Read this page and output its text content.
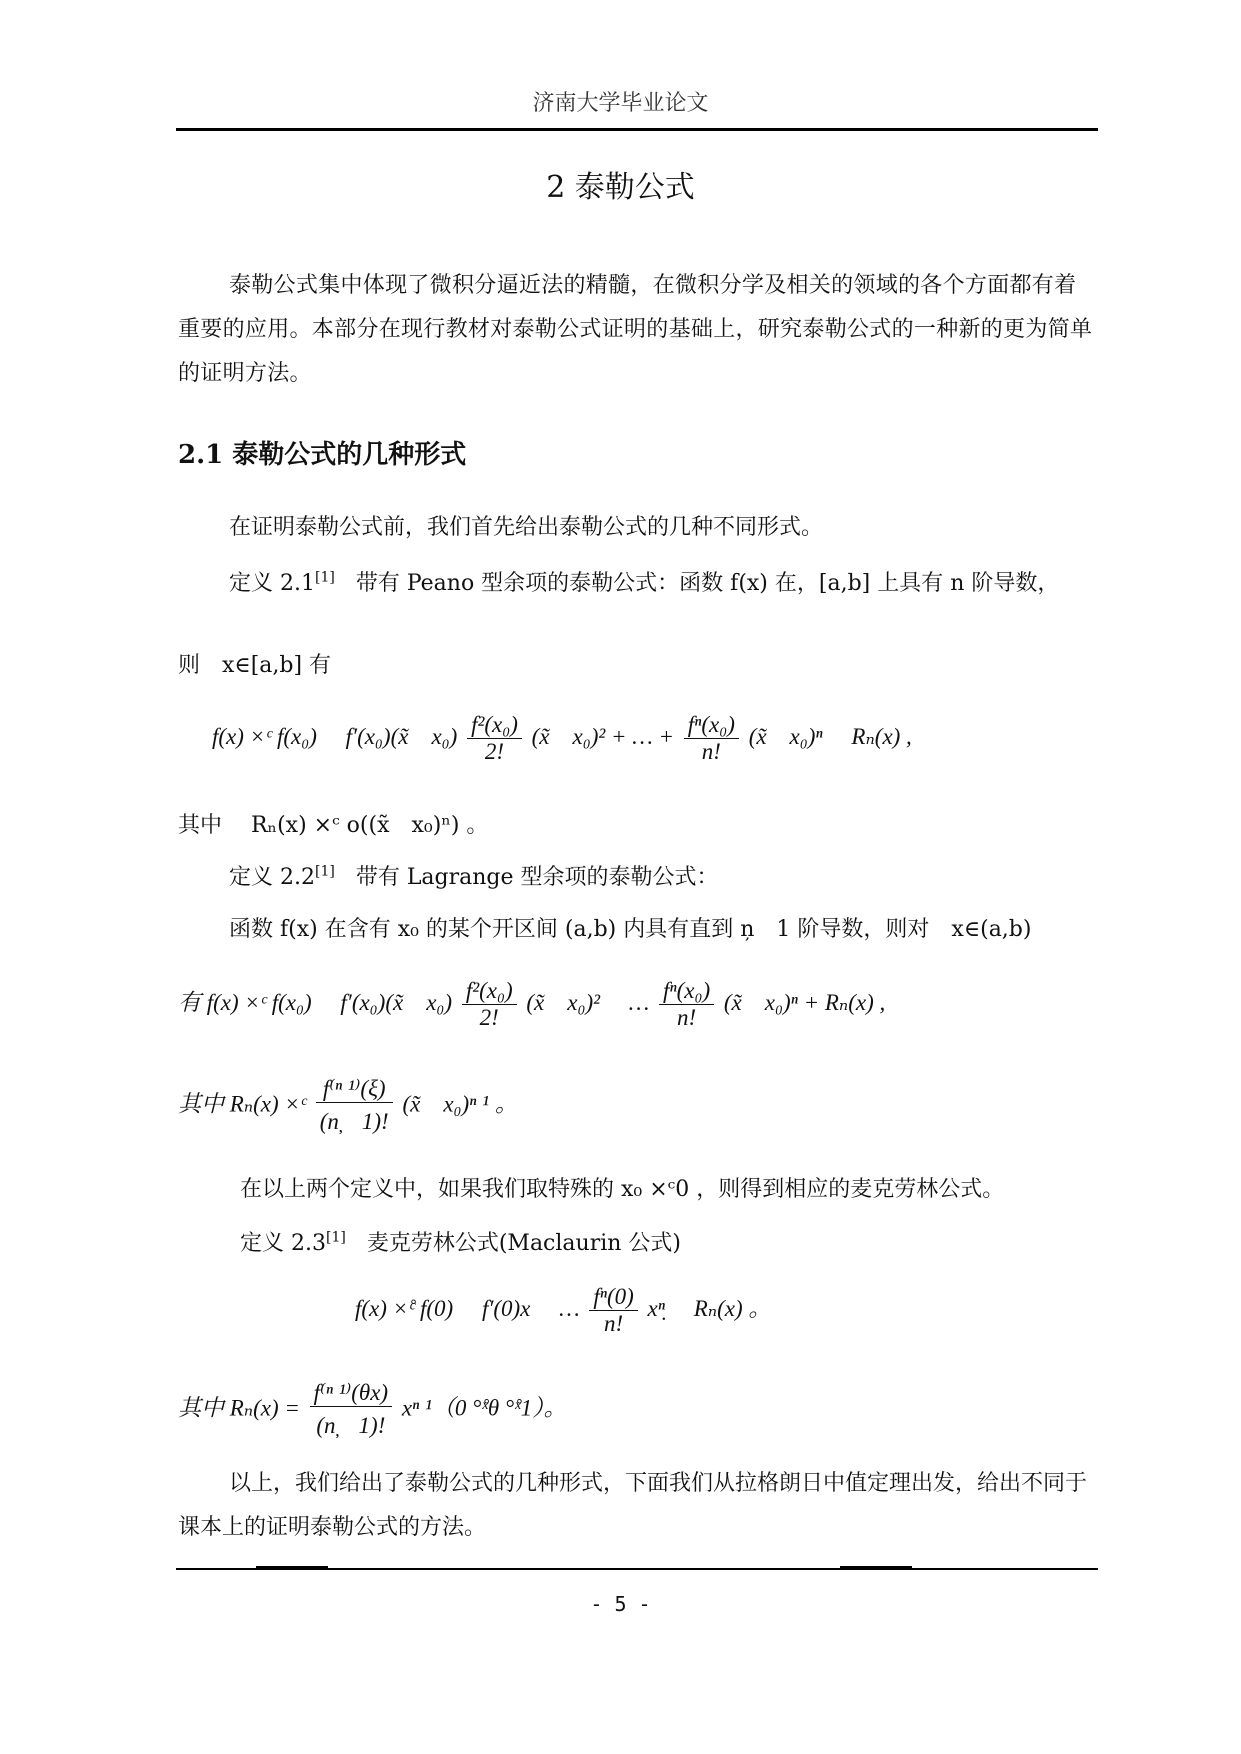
济南大学毕业论文
2 泰勒公式
泰勒公式集中体现了微积分逼近法的精髓，在微积分学及相关的领域的各个方面都有着重要的应用。本部分在现行教材对泰勒公式证明的基础上，研究泰勒公式的一种新的更为简单的证明方法。
2.1 泰勒公式的几种形式
在证明泰勒公式前，我们首先给出泰勒公式的几种不同形式。
定义 2.1[1] 带有 Peano 型余项的泰勒公式：函数 f(x) 在，[a,b] 上具有 n 阶导数，
则　x∈[a,b] 有
f(x) ×ᶜ f(x₀)　 f′(x₀)(x̃　$x_0) \frac{\text{f²(x₀)}}{2!}$ (x̃　x₀)² + … + $\frac{\text{fⁿ(x₀)}}{n!}$ (x̃　x₀)ⁿ　 Rₙ(x) ,
其中　 Rₙ(x) ×ᶜ o((x̃　x₀)ⁿ) 。
定义 2.2[1] 带有 Lagrange 型余项的泰勒公式：
函数 f(x) 在含有 x₀ 的某个开区间 (a,b) 内具有直到 n̦　1 阶导数，则对　x∈(a,b)
有 f(x) ×ᶜ f(x₀)　 f′(x₀)(x̃　$x_0) \frac{\text{f²(x₀)}}{2!}$ (x̃　x₀)²　 … $\frac{\text{fⁿ(x₀)}}{n!}$ (x̃　x₀)ⁿ + Rₙ(x) ,
其中 Rₙ(x) ×ᶜ $\frac{\text{f⁽ⁿ ¹⁾(ξ)}}{(n̦ 1)!}$ (x̃　x₀)ⁿ ¹ 。
在以上两个定义中，如果我们取特殊的 x₀ ×ᶜ0 ，则得到相应的麦克劳林公式。
定义 2.3[1] 麦克劳林公式(Maclaurin 公式)
f(x) ×̊ᶜ f(0)　 f′(0)x　 … $\frac{\text{fⁿ(0)}}{n!}$ xⁿ̣　 Rₙ(x) 。
其中 $R_n(x) = \frac{\text{f⁽ⁿ ¹⁾(θx)}}{(n̦ 1)!}$ xⁿ ¹（0 °̊ˣθ °̊ˣ1）。
以上，我们给出了泰勒公式的几种形式，下面我们从拉格朗日中值定理出发，给出不同于课本上的证明泰勒公式的方法。
- 5 -
